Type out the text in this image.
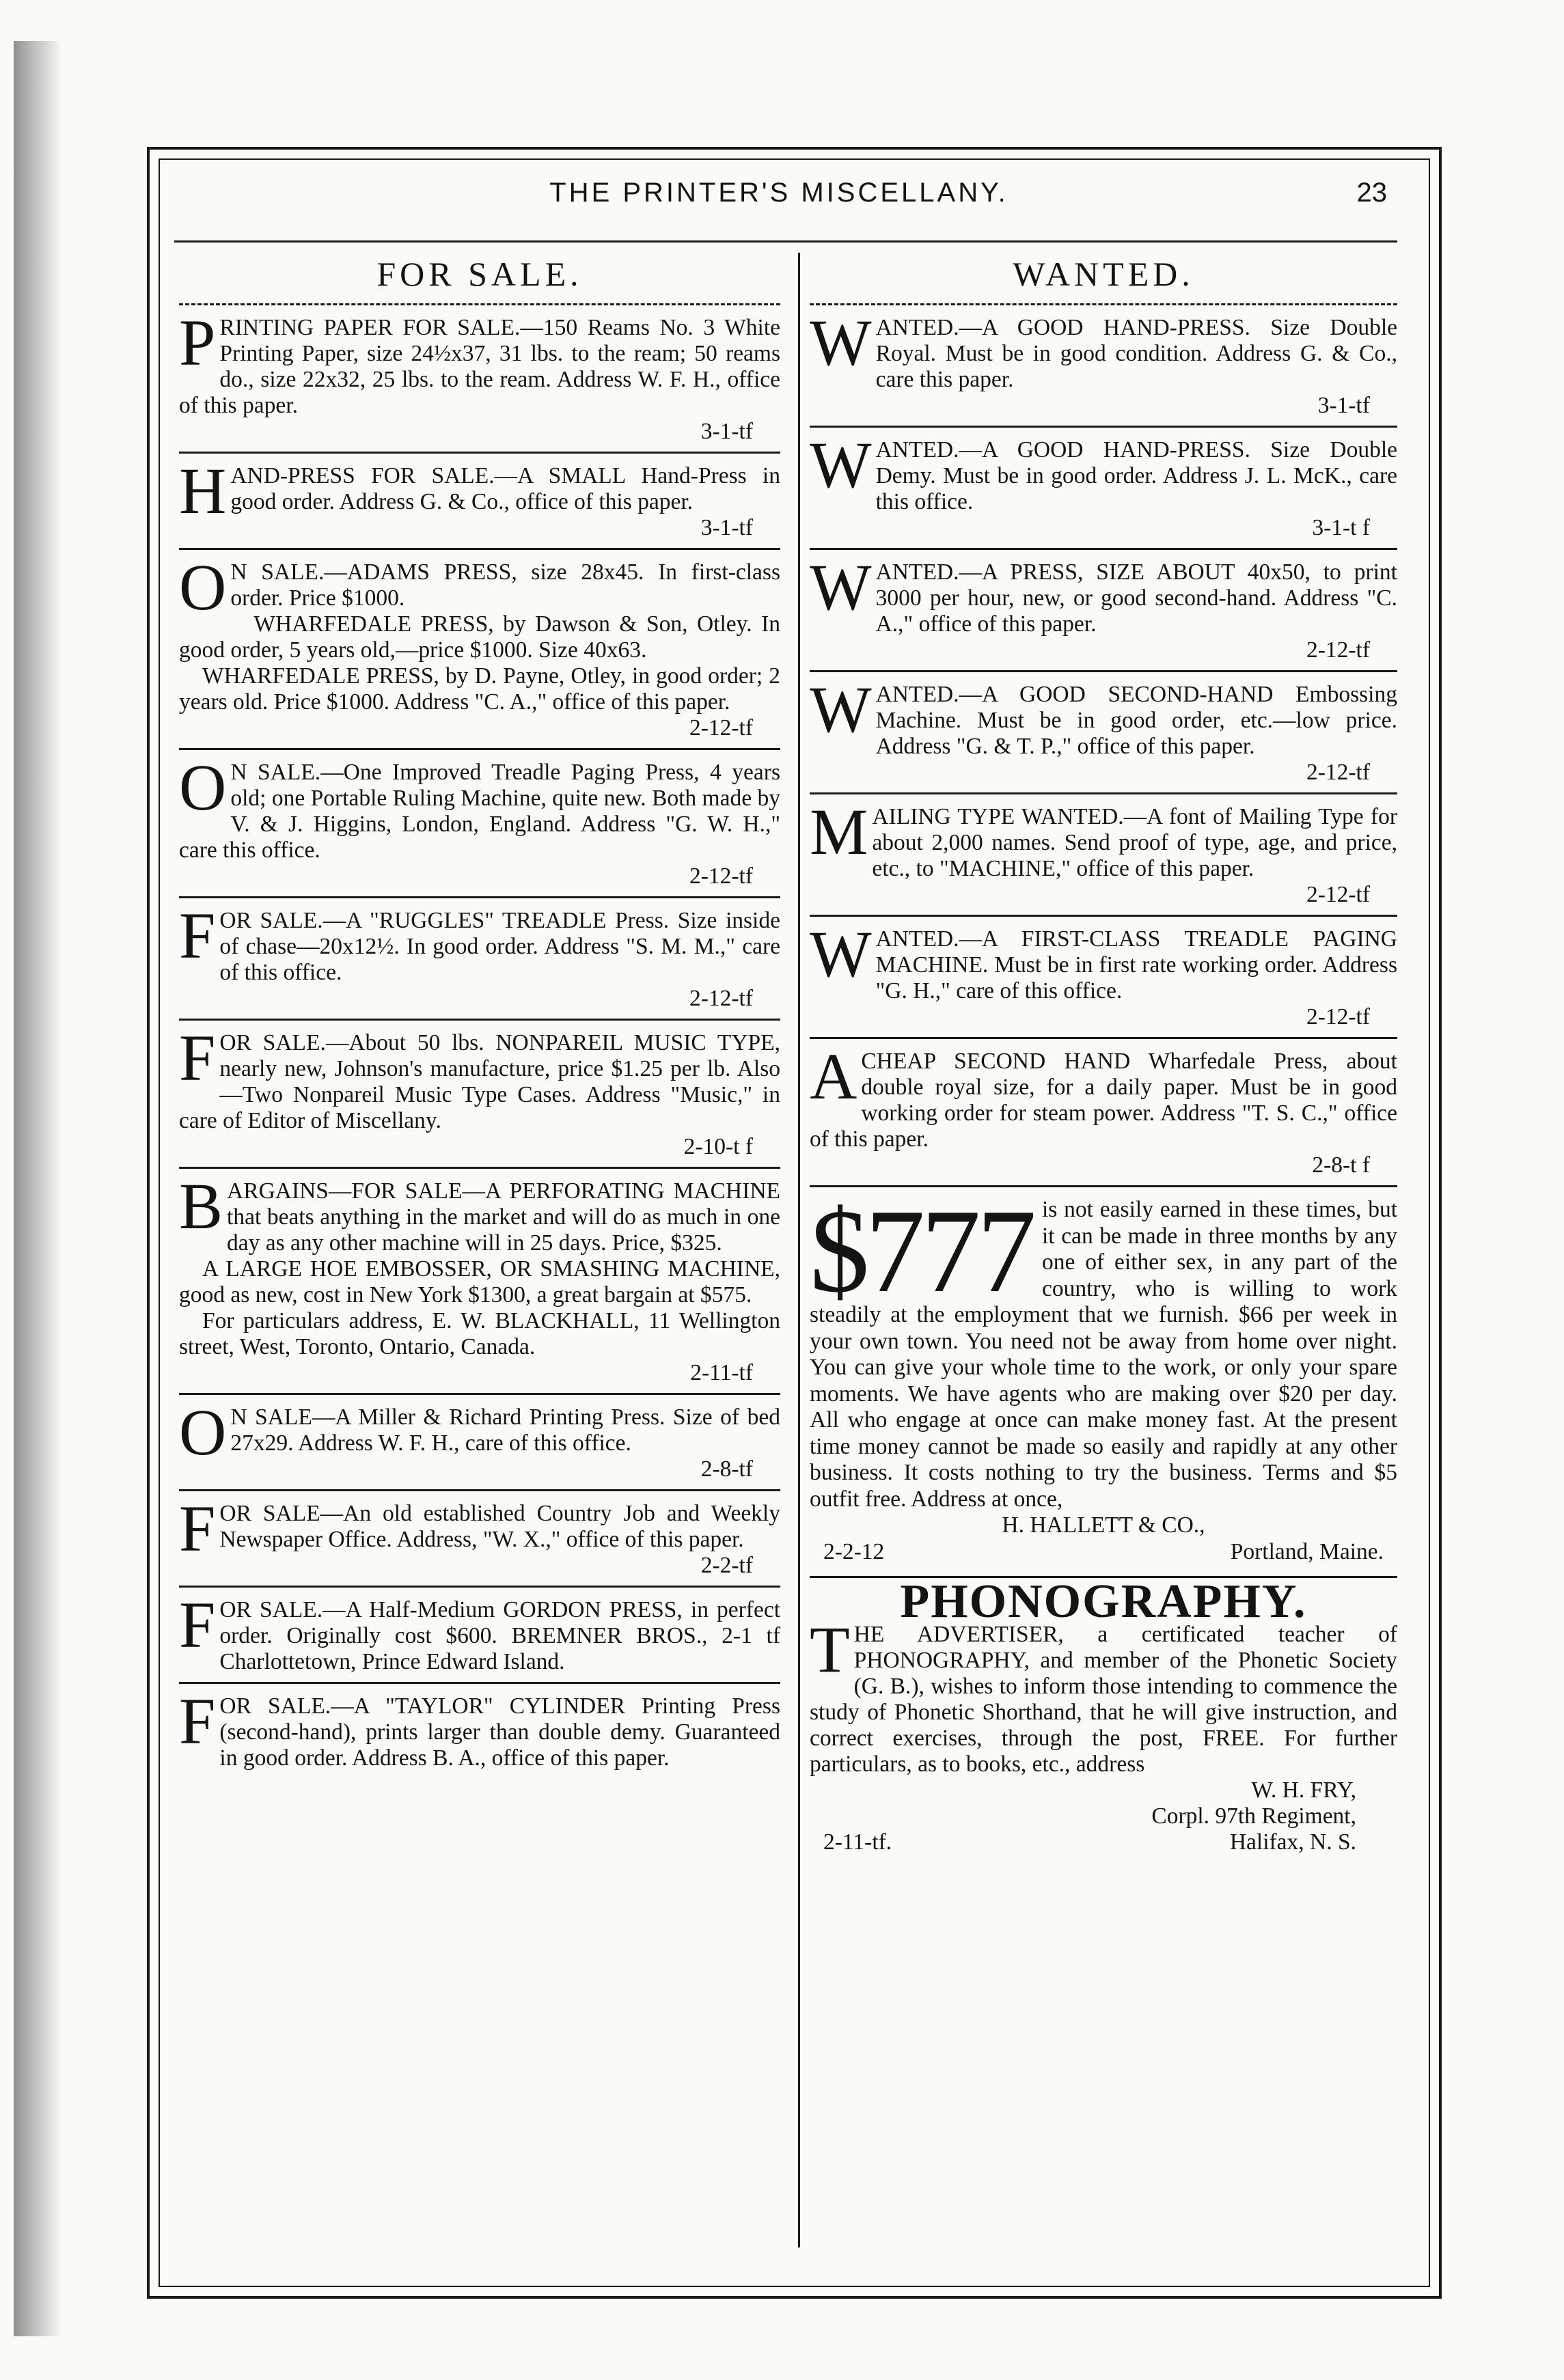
THE PRINTER'S MISCELLANY.	23
FOR SALE.

PRINTING PAPER FOR SALE.—150 Reams No. 3 White Printing Paper, size 24½x37, 31 lbs. to the ream; 50 reams do., size 22x32, 25 lbs. to the ream. Address W. F. H., office of this paper.

3-1-tf

HAND-PRESS FOR SALE.—A SMALL Hand-Press in good order. Address G. & Co., office of this paper.

3-1-tf

O N SALE.—ADAMS PRESS, size 28x45. In first-class order. Price $1000.

WHARFEDALE PRESS, by Dawson & Son, Otley. In good order, 5 years old,—price $1000. Size 40x63.

WHARFEDALE PRESS, by D. Payne, Otley, in good order; 2 years old. Price $1000. Address "C. A.," office of this paper.

2-12-tf

O N SALE.—One Improved Treadle Paging Press, 4 years old; one Portable Ruling Machine, quite new. Both made by V. & J. Higgins, London, England. Address "G. W. H.," care this office.

2-12-tf

FOR SALE.—A "RUGGLES" TREADLE Press. Size inside of chase—20x12½. In good order. Address "S. M. M.," care of this office.

2-12-tf

FOR SALE.—About 50 lbs. NONPAREIL MUSIC TYPE, nearly new, Johnson's manufacture, price $1.25 per lb. Also—Two Nonpareil Music Type Cases. Address "Music," in care of Editor of Miscellany.

2-10-t f

BARGAINS—FOR SALE—A PERFORATING MACHINE that beats anything in the market and will do as much in one day as any other machine will in 25 days. Price, $325.

A LARGE HOE EMBOSSER, OR SMASHING MACHINE, good as new, cost in New York $1300, a great bargain at $575.

For particulars address, E. W. BLACKHALL, 11 Wellington street, West, Toronto, Ontario, Canada.

2-11-tf

O N SALE—A Miller & Richard Printing Press. Size of bed 27x29. Address W. F. H., care of this office.

2-8-tf

FOR SALE—An old established Country Job and Weekly Newspaper Office. Address, "W. X.," office of this paper.

2-2-tf

FOR SALE.—A Half-Medium GORDON PRESS, in perfect order. Originally cost $600. BREMNER BROS., 2-1 tf Charlottetown, Prince Edward Island.

FOR SALE.—A "TAYLOR" CYLINDER Printing Press (second-hand), prints larger than double demy. Guaranteed in good order. Address B. A., office of this paper.

WANTED.

WANTED.—A GOOD HAND-PRESS. Size Double Royal. Must be in good condition. Address G. & Co., care this paper.

3-1-tf

WANTED.—A GOOD HAND-PRESS. Size Double Demy. Must be in good order. Address J. L. McK., care this office.

3-1-t f

WANTED.—A PRESS, SIZE ABOUT 40x50, to print 3000 per hour, new, or good second-hand. Address "C. A.," office of this paper.

2-12-tf

WANTED.—A GOOD SECOND-HAND Embossing Machine. Must be in good order, etc.—low price. Address "G. & T. P.," office of this paper.

2-12-tf

MAILING TYPE WANTED.—A font of Mailing Type for about 2,000 names. Send proof of type, age, and price, etc., to "MACHINE," office of this paper.

2-12-tf

WANTED.—A FIRST-CLASS TREADLE PAGING MACHINE. Must be in first rate working order. Address "G. H.," care of this office.

2-12-tf

A CHEAP SECOND HAND Wharfedale Press, about double royal size, for a daily paper. Must be in good working order for steam power. Address "T. S. C.," office of this paper.

2-8-t f
$777 is not easily earned in these times, but it can be made in three months by any one of either sex, in any part of the country, who is willing to work steadily at the employment that we furnish. $66 per week in your own town. You need not be away from home over night. You can give your whole time to the work, or only your spare moments. We have agents who are making over $20 per day. All who engage at once can make money fast. At the present time money cannot be made so easily and rapidly at any other business. It costs nothing to try the business. Terms and $5 outfit free. Address at once,
H. HALLETT & CO.,
2-2-12	Portland, Maine.
PHONOGRAPHY.

THE ADVERTISER, a certificated teacher of PHONOGRAPHY, and member of the Phonetic Society (G. B.), wishes to inform those intending to commence the study of Phonetic Shorthand, that he will give instruction, and correct exercises, through the post, FREE. For further particulars, as to books, etc., address

W. H. FRY,
Corpl. 97th Regiment,
2-11-tf.	Halifax, N. S.
